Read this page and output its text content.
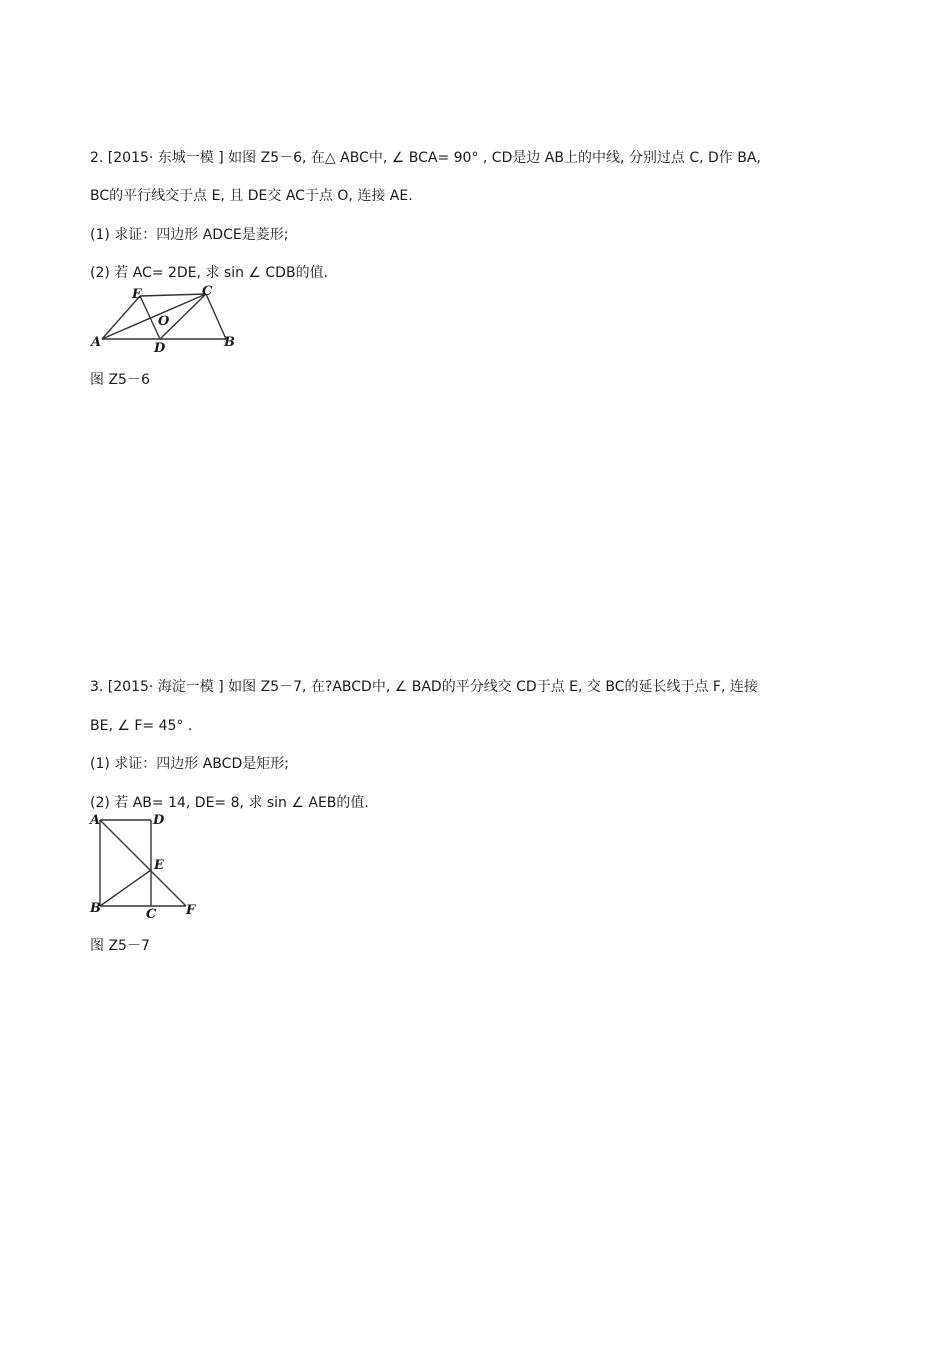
2. [2015· 东城一模 ] 如图 Z5－6, 在△ ABC中, ∠ BCA= 90° , CD是边 AB上的中线, 分别过点 C, D作 BA,
BC的平行线交于点 E, 且 DE交 AC于点 O, 连接 AE.
(1) 求证：四边形 ADCE是菱形;
(2) 若 AC= 2DE, 求 sin ∠ CDB的值.
E	C
O
A	D	B
图 Z5－6
3. [2015· 海淀一模 ] 如图 Z5－7, 在?ABCD中, ∠ BAD的平分线交 CD于点 E, 交 BC的延长线于点 F, 连接
BE, ∠ F= 45° .
(1) 求证：四边形 ABCD是矩形;
(2) 若 AB= 14, DE= 8, 求 sin ∠ AEB的值.
A	D
E
B	C F
图 Z5－7
